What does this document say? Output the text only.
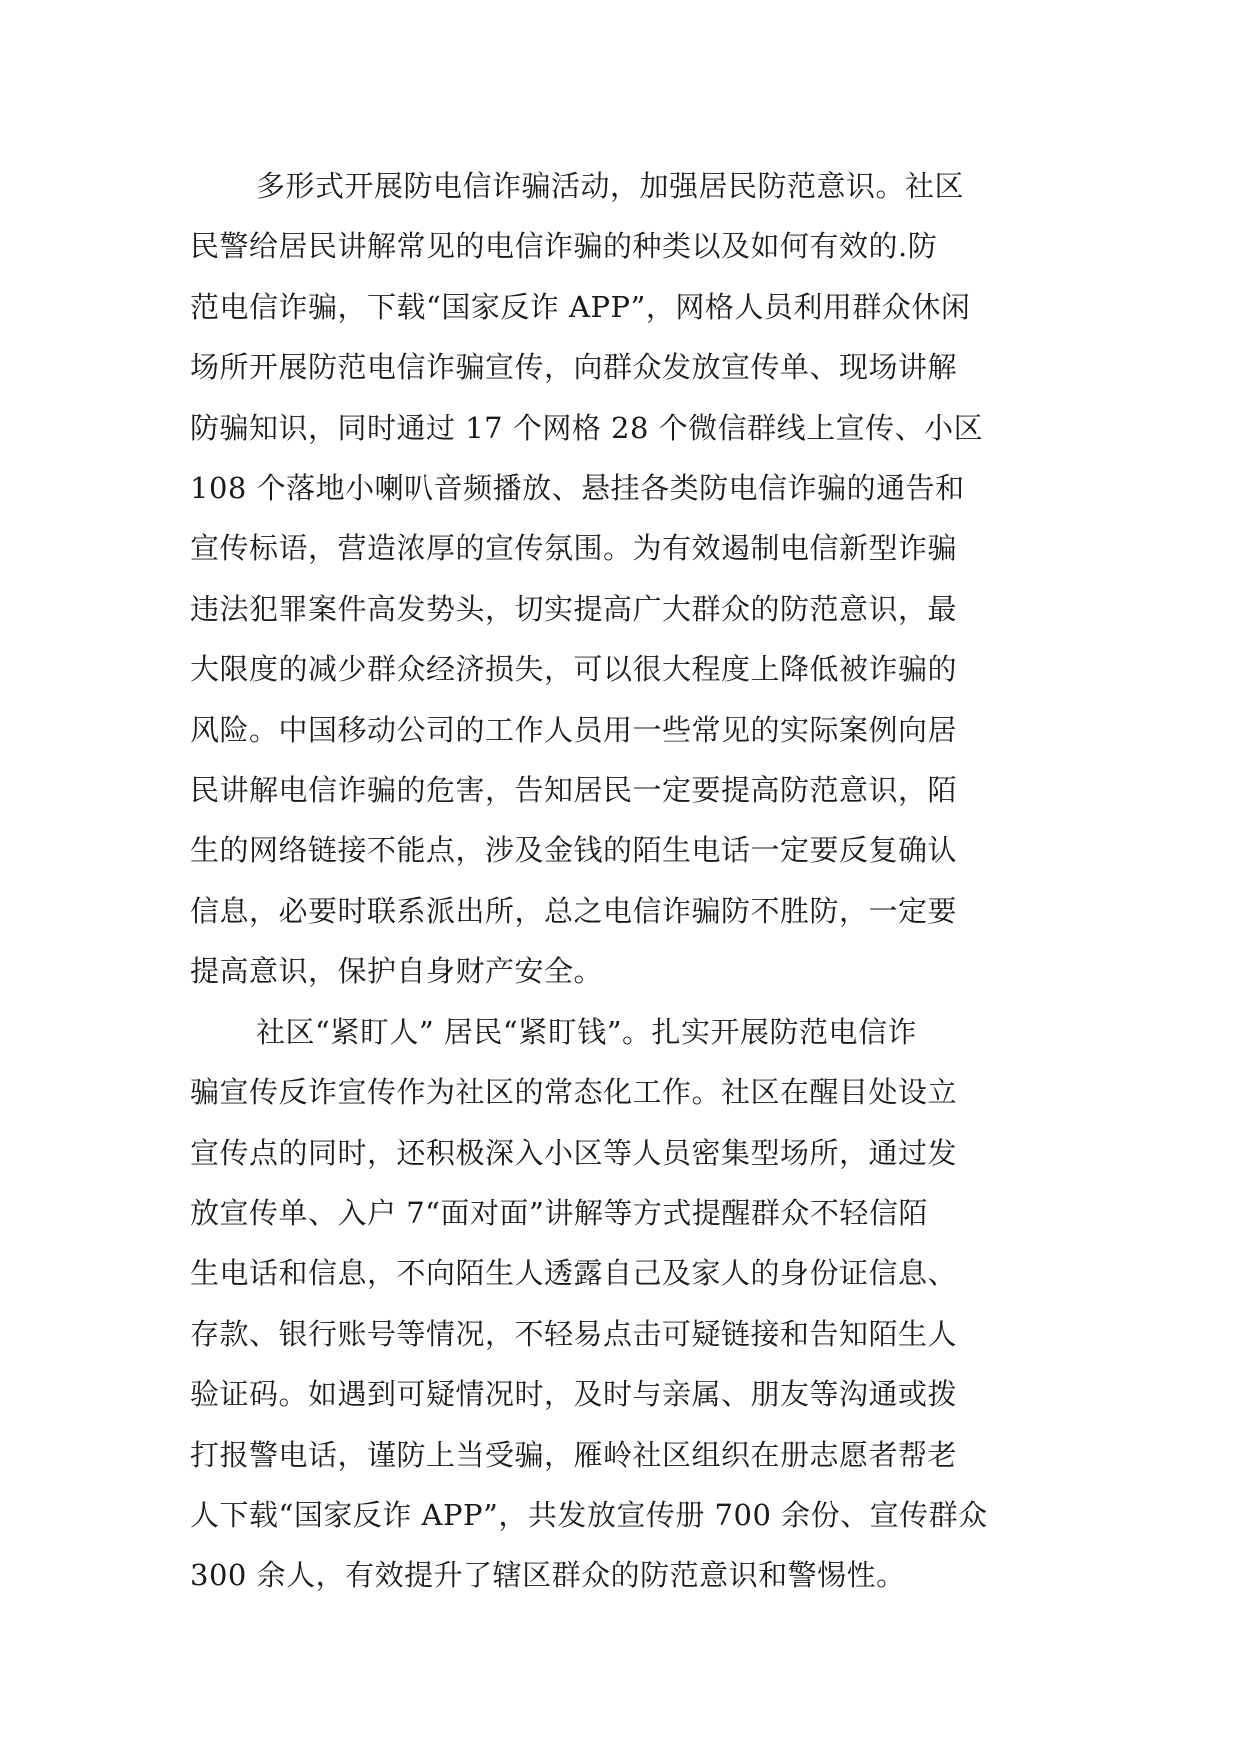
多形式开展防电信诈骗活动，加强居民防范意识。社区
民警给居民讲解常见的电信诈骗的种类以及如何有效的.防
范电信诈骗，下载“国家反诈 APP”，网格人员利用群众休闲
场所开展防范电信诈骗宣传，向群众发放宣传单、现场讲解
防骗知识，同时通过 17 个网格 28 个微信群线上宣传、小区
108 个落地小喇叭音频播放、悬挂各类防电信诈骗的通告和
宣传标语，营造浓厚的宣传氛围。为有效遏制电信新型诈骗
违法犯罪案件高发势头，切实提高广大群众的防范意识，最
大限度的减少群众经济损失，可以很大程度上降低被诈骗的
风险。中国移动公司的工作人员用一些常见的实际案例向居
民讲解电信诈骗的危害，告知居民一定要提高防范意识，陌
生的网络链接不能点，涉及金钱的陌生电话一定要反复确认
信息，必要时联系派出所，总之电信诈骗防不胜防，一定要
提高意识，保护自身财产安全。
社区“紧盯人” 居民“紧盯钱”。扎实开展防范电信诈
骗宣传反诈宣传作为社区的常态化工作。社区在醒目处设立
宣传点的同时，还积极深入小区等人员密集型场所，通过发
放宣传单、入户 7“面对面”讲解等方式提醒群众不轻信陌
生电话和信息，不向陌生人透露自己及家人的身份证信息、
存款、银行账号等情况，不轻易点击可疑链接和告知陌生人
验证码。如遇到可疑情况时，及时与亲属、朋友等沟通或拨
打报警电话，谨防上当受骗，雁岭社区组织在册志愿者帮老
人下载“国家反诈 APP”，共发放宣传册 700 余份、宣传群众
300 余人，有效提升了辖区群众的防范意识和警惕性。
